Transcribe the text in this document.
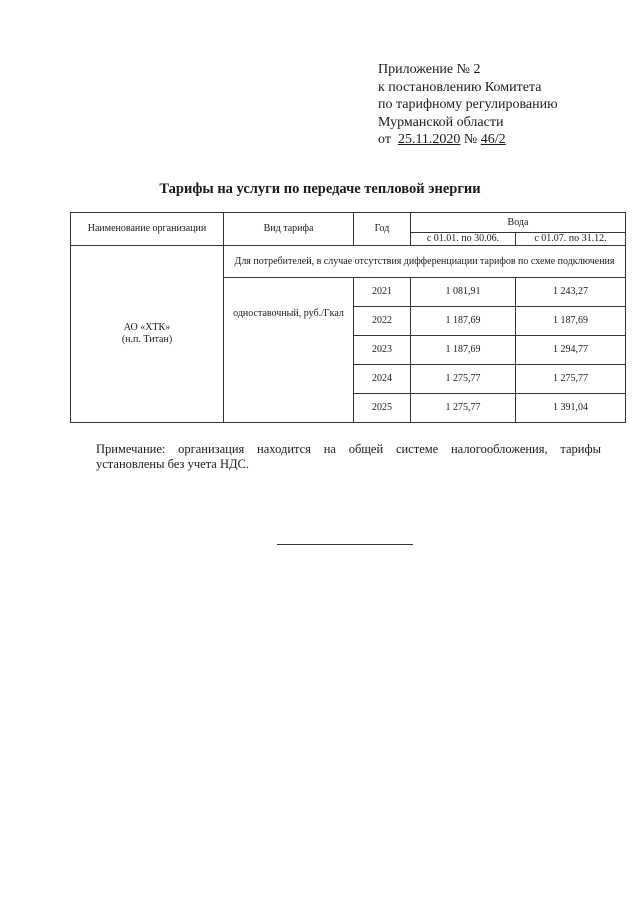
Приложение № 2
к постановлению Комитета
по тарифному регулированию
Мурманской области
от 25.11.2020 № 46/2
Тарифы на услуги по передаче тепловой энергии
Наименование организации	Вид тарифа	Год	Вода	
			с 01.01. по 30.06.	с 01.07. по 31.12.
АО «ХТК»
(н.п. Титан)	Для потребителей, в случае отсутствия дифференциации тарифов по схеме подключения			
	одноставочный, руб./Гкал	2021	1 081,91	1 243,27
		2022	1 187,69	1 187,69
		2023	1 187,69	1 294,77
		2024	1 275,77	1 275,77
		2025	1 275,77	1 391,04
Примечание: организация находится на общей системе налогообложения, тарифы установлены без учета НДС.
